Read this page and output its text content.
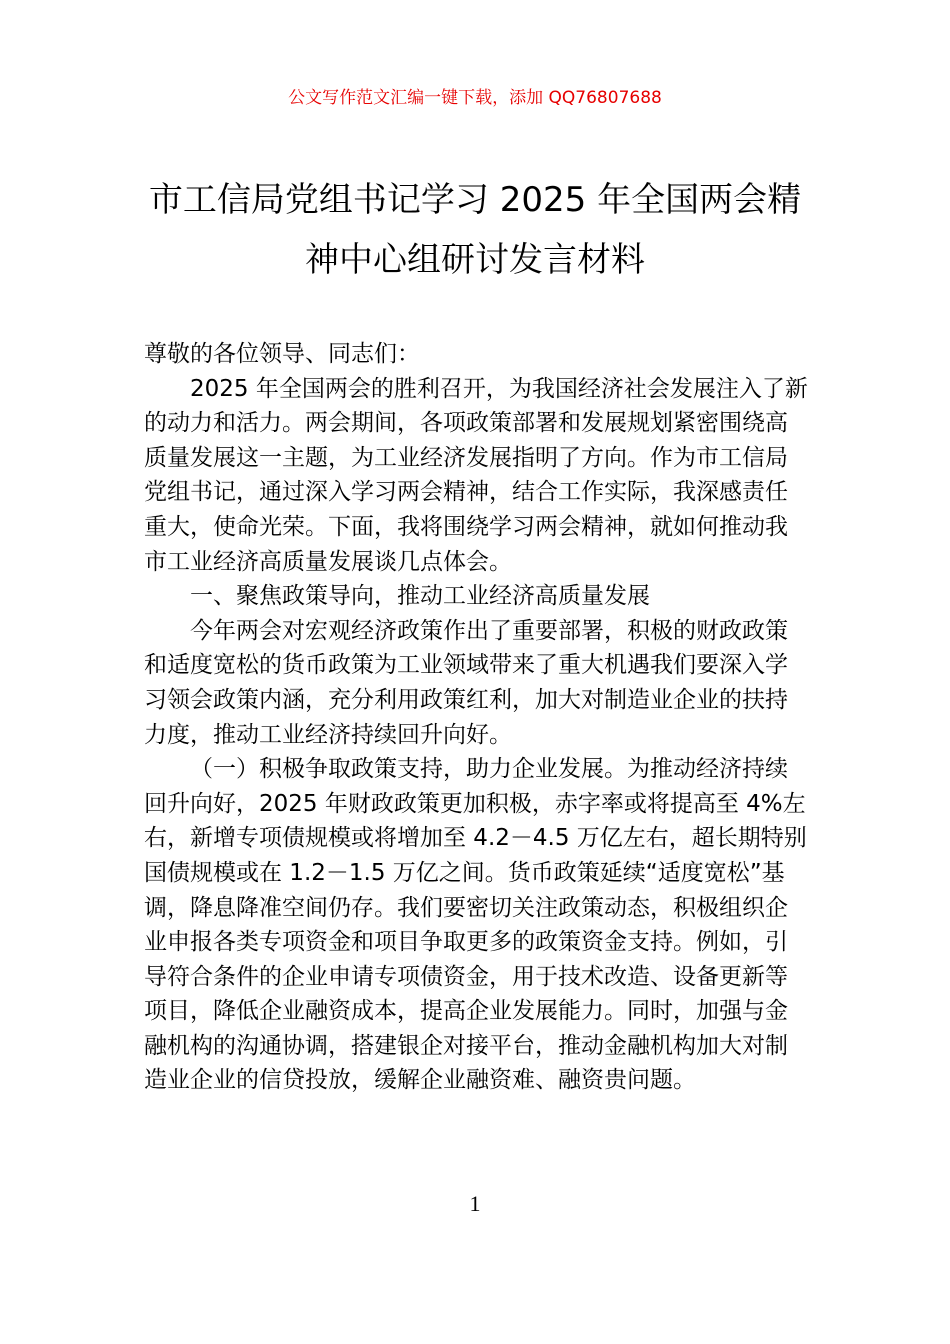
公文写作范文汇编一键下载，添加 QQ76807688
市工信局党组书记学习 2025 年全国两会精
神中心组研讨发言材料

尊敬的各位领导、同志们：

2025 年全国两会的胜利召开，为我国经济社会发展注入了新的动力和活力。两会期间，各项政策部署和发展规划紧密围绕高质量发展这一主题，为工业经济发展指明了方向。作为市工信局党组书记，通过深入学习两会精神，结合工作实际，我深感责任重大，使命光荣。下面，我将围绕学习两会精神，就如何推动我市工业经济高质量发展谈几点体会。

一、聚焦政策导向，推动工业经济高质量发展

今年两会对宏观经济政策作出了重要部署，积极的财政政策和适度宽松的货币政策为工业领域带来了重大机遇我们要深入学习领会政策内涵，充分利用政策红利，加大对制造业企业的扶持力度，推动工业经济持续回升向好。

（一）积极争取政策支持，助力企业发展。为推动经济持续回升向好，2025 年财政政策更加积极，赤字率或将提高至 4%左右，新增专项债规模或将增加至 4.2－4.5 万亿左右，超长期特别国债规模或在 1.2－1.5 万亿之间。货币政策延续“适度宽松”基调，降息降准空间仍存。我们要密切关注政策动态，积极组织企业申报各类专项资金和项目争取更多的政策资金支持。例如，引导符合条件的企业申请专项债资金，用于技术改造、设备更新等项目，降低企业融资成本，提高企业发展能力。同时，加强与金融机构的沟通协调，搭建银企对接平台，推动金融机构加大对制造业企业的信贷投放，缓解企业融资难、融资贵问题。

1
